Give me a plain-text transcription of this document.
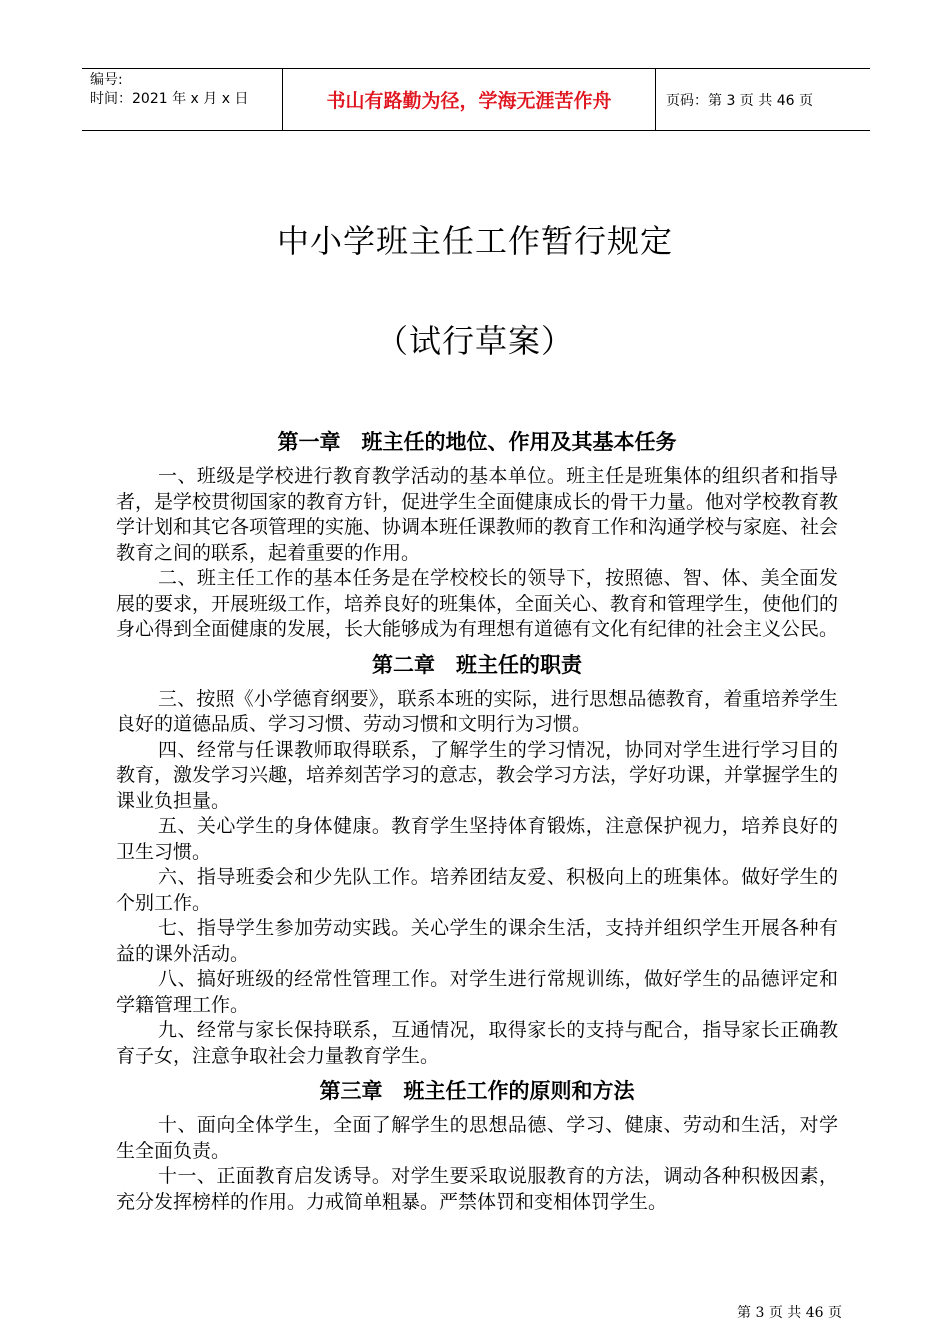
编号:
时间：2021 年 x 月 x 日	书山有路勤为径，学海无涯苦作舟	页码：第 3 页 共 46 页
中小学班主任工作暂行规定
（试行草案）
第一章　班主任的地位、作用及其基本任务

一、班级是学校进行教育教学活动的基本单位。班主任是班集体的组织者和指导者，是学校贯彻国家的教育方针，促进学生全面健康成长的骨干力量。他对学校教育教学计划和其它各项管理的实施、协调本班任课教师的教育工作和沟通学校与家庭、社会教育之间的联系，起着重要的作用。

二、班主任工作的基本任务是在学校校长的领导下，按照德、智、体、美全面发展的要求，开展班级工作，培养良好的班集体，全面关心、教育和管理学生，使他们的身心得到全面健康的发展，长大能够成为有理想有道德有文化有纪律的社会主义公民。

第二章　班主任的职责

三、按照《小学德育纲要》，联系本班的实际，进行思想品德教育，着重培养学生良好的道德品质、学习习惯、劳动习惯和文明行为习惯。

四、经常与任课教师取得联系，了解学生的学习情况，协同对学生进行学习目的教育，激发学习兴趣，培养刻苦学习的意志，教会学习方法，学好功课，并掌握学生的课业负担量。

五、关心学生的身体健康。教育学生坚持体育锻炼，注意保护视力，培养良好的卫生习惯。

六、指导班委会和少先队工作。培养团结友爱、积极向上的班集体。做好学生的个别工作。

七、指导学生参加劳动实践。关心学生的课余生活，支持并组织学生开展各种有益的课外活动。

八、搞好班级的经常性管理工作。对学生进行常规训练，做好学生的品德评定和学籍管理工作。

九、经常与家长保持联系，互通情况，取得家长的支持与配合，指导家长正确教育子女，注意争取社会力量教育学生。

第三章　班主任工作的原则和方法

十、面向全体学生，全面了解学生的思想品德、学习、健康、劳动和生活，对学生全面负责。

十一、正面教育启发诱导。对学生要采取说服教育的方法，调动各种积极因素，充分发挥榜样的作用。力戒简单粗暴。严禁体罚和变相体罚学生。

第 3 页 共 46 页
